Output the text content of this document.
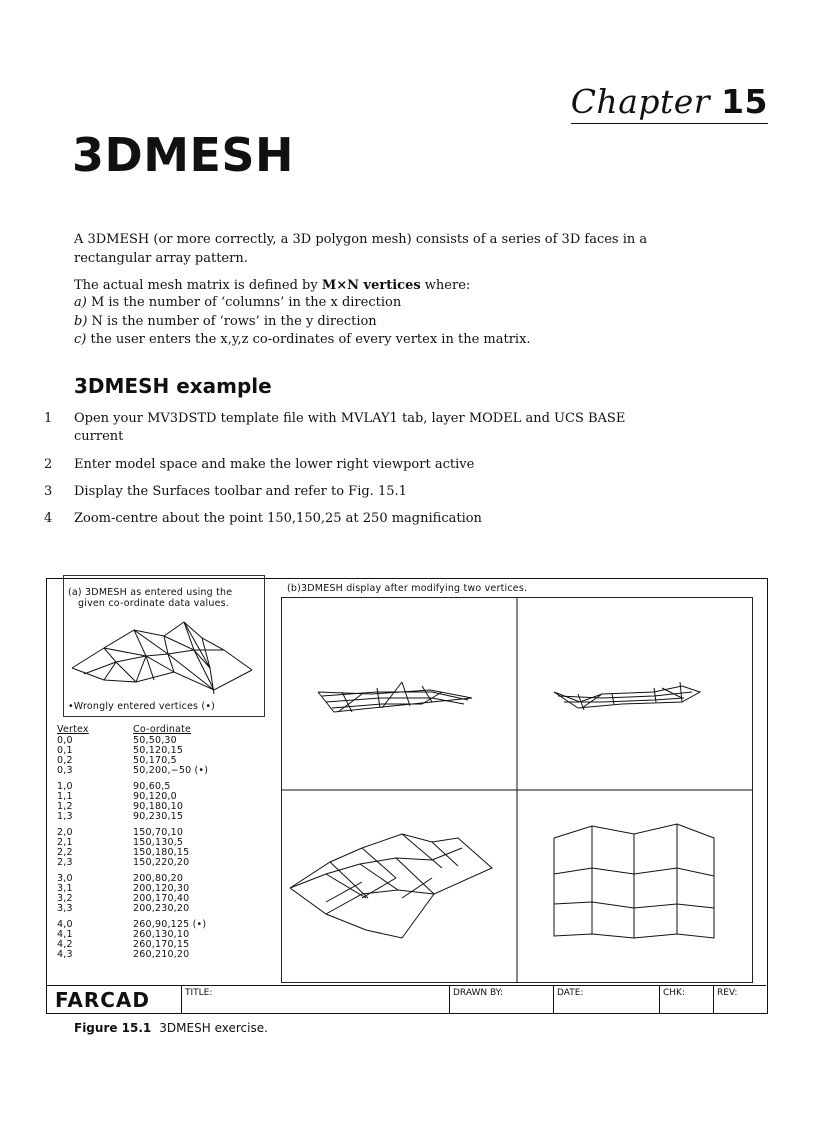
Chapter 15
3DMESH
A 3DMESH (or more correctly, a 3D polygon mesh) consists of a series of 3D faces in a rectangular array pattern.
The actual mesh matrix is defined by M×N vertices where:
a) M is the number of ‘columns’ in the x direction
b) N is the number of ‘rows’ in the y direction
c) the user enters the x,y,z co-ordinates of every vertex in the matrix.
3DMESH example
1 Open your MV3DSTD template file with MVLAY1 tab, layer MODEL and UCS BASE current
2 Enter model space and make the lower right viewport active
3 Display the Surfaces toolbar and refer to Fig. 15.1
4 Zoom-centre about the point 150,150,25 at 250 magnification
(a) 3DMESH as entered using the
given co-ordinate data values.
•Wrongly entered vertices (•)
Vertex	Co-ordinate
0,0	50,50,30
0,1	50,120,15
0,2	50,170,5
0,3	50,200,−50 (•)
1,0	90,60,5
1,1	90,120,0
1,2	90,180,10
1,3	90,230,15
2,0	150,70,10
2,1	150,130,5
2,2	150,180,15
2,3	150,220,20
3,0	200,80,20
3,1	200,120,30
3,2	200,170,40
3,3	200,230,20
4,0	260,90,125 (•)
4,1	260,130,10
4,2	260,170,15
4,3	260,210,20
(b)3DMESH display after modifying two vertices.
FARCAD	TITLE:	DRAWN BY:	DATE:	CHK:	REV:
Figure 15.1 3DMESH exercise.
